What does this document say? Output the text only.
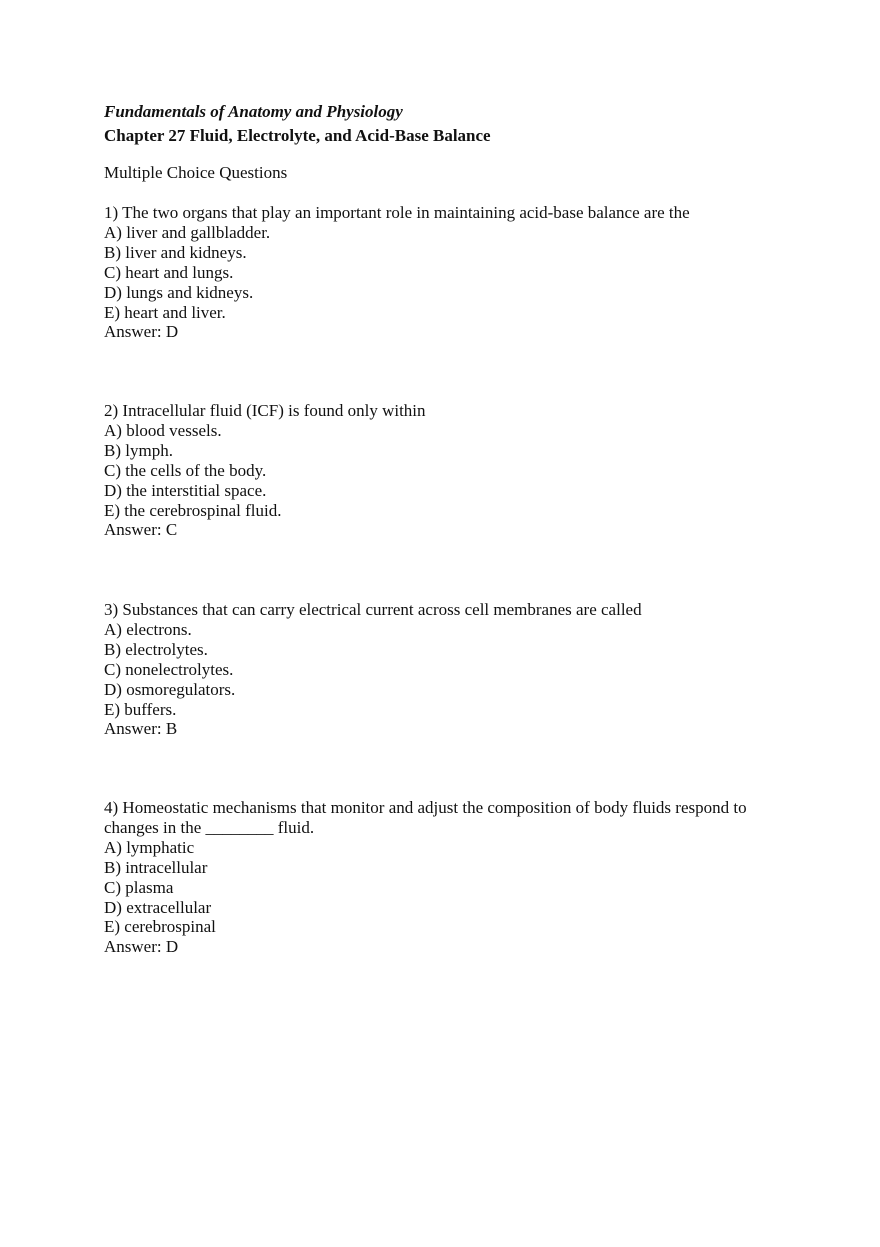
Fundamentals of Anatomy and Physiology
Chapter 27 Fluid, Electrolyte, and Acid-Base Balance
Multiple Choice Questions
1) The two organs that play an important role in maintaining acid-base balance are the
A) liver and gallbladder.
B) liver and kidneys.
C) heart and lungs.
D) lungs and kidneys.
E) heart and liver.
Answer: D
2) Intracellular fluid (ICF) is found only within
A) blood vessels.
B) lymph.
C) the cells of the body.
D) the interstitial space.
E) the cerebrospinal fluid.
Answer: C
3) Substances that can carry electrical current across cell membranes are called
A) electrons.
B) electrolytes.
C) nonelectrolytes.
D) osmoregulators.
E) buffers.
Answer: B
4) Homeostatic mechanisms that monitor and adjust the composition of body fluids respond to
changes in the ________ fluid.
A) lymphatic
B) intracellular
C) plasma
D) extracellular
E) cerebrospinal
Answer: D
